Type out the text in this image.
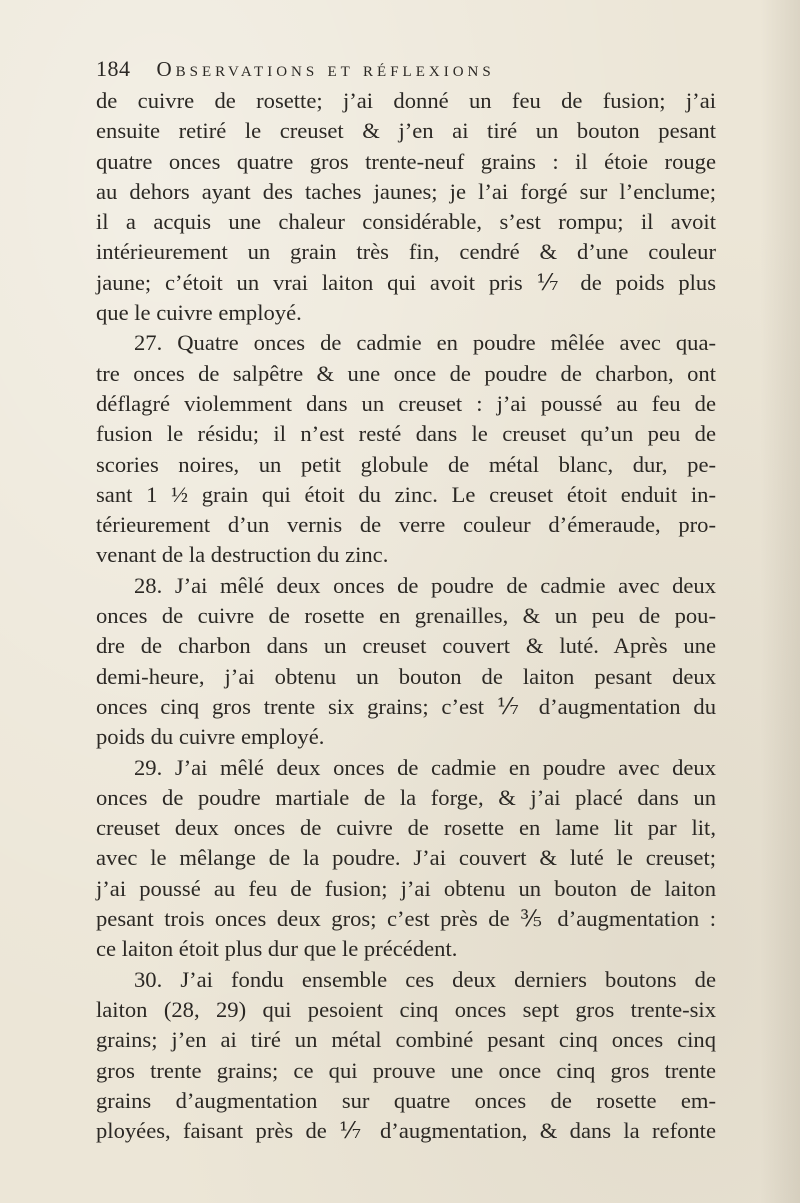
184 Observations et réflexions
de cuivre de rosette; j’ai donné un feu de fusion; j’ai
ensuite retiré le creuset & j’en ai tiré un bouton pesant
quatre onces quatre gros trente-neuf grains : il étoie rouge
au dehors ayant des taches jaunes; je l’ai forgé sur l’enclume;
il a acquis une chaleur considérable, s’est rompu; il avoit
intérieurement un grain très fin, cendré & d’une couleur
jaune; c’étoit un vrai laiton qui avoit pris ⅐ de poids plus
que le cuivre employé.
27. Quatre onces de cadmie en poudre mêlée avec qua-
tre onces de salpêtre & une once de poudre de charbon, ont
déflagré violemment dans un creuset : j’ai poussé au feu de
fusion le résidu; il n’est resté dans le creuset qu’un peu de
scories noires, un petit globule de métal blanc, dur, pe-
sant 1 ½ grain qui étoit du zinc. Le creuset étoit enduit in-
térieurement d’un vernis de verre couleur d’émeraude, pro-
venant de la destruction du zinc.
28. J’ai mêlé deux onces de poudre de cadmie avec deux
onces de cuivre de rosette en grenailles, & un peu de pou-
dre de charbon dans un creuset couvert & luté. Après une
demi-heure, j’ai obtenu un bouton de laiton pesant deux
onces cinq gros trente six grains; c’est ⅐ d’augmentation du
poids du cuivre employé.
29. J’ai mêlé deux onces de cadmie en poudre avec deux
onces de poudre martiale de la forge, & j’ai placé dans un
creuset deux onces de cuivre de rosette en lame lit par lit,
avec le mêlange de la poudre. J’ai couvert & luté le creuset;
j’ai poussé au feu de fusion; j’ai obtenu un bouton de laiton
pesant trois onces deux gros; c’est près de ⅗ d’augmentation :
ce laiton étoit plus dur que le précédent.
30. J’ai fondu ensemble ces deux derniers boutons de
laiton (28, 29) qui pesoient cinq onces sept gros trente-six
grains; j’en ai tiré un métal combiné pesant cinq onces cinq
gros trente grains; ce qui prouve une once cinq gros trente
grains d’augmentation sur quatre onces de rosette em-
ployées, faisant près de ⅐ d’augmentation, & dans la refonte
